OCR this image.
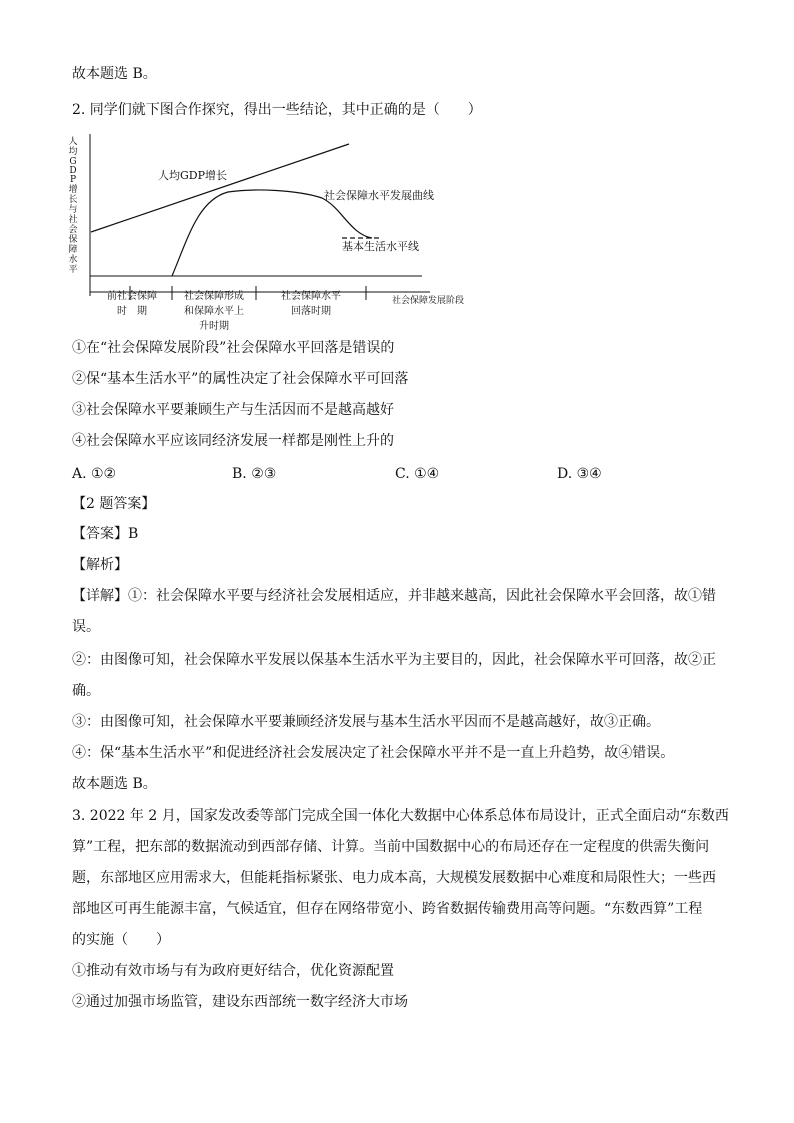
故本题选 B。
2. 同学们就下图合作探究，得出一些结论，其中正确的是（　　）
人
均
G
D
P
增
长
与
社
会
保
障
水
平
人均GDP增长
社会保障水平发展曲线
基本生活水平线
社会保障发展阶段
前社会保障
时　期
社会保障形成
和保障水平上
升时期
社会保障水平
回落时期
①在“社会保障发展阶段”社会保障水平回落是错误的
②保“基本生活水平”的属性决定了社会保障水平可回落
③社会保障水平要兼顾生产与生活因而不是越高越好
④社会保障水平应该同经济发展一样都是刚性上升的
A. ①②	B. ②③	C. ①④	D. ③④
【2 题答案】
【答案】B
【解析】
【详解】①：社会保障水平要与经济社会发展相适应，并非越来越高，因此社会保障水平会回落，故①错
误。
②：由图像可知，社会保障水平发展以保基本生活水平为主要目的，因此，社会保障水平可回落，故②正
确。
③：由图像可知，社会保障水平要兼顾经济发展与基本生活水平因而不是越高越好，故③正确。
④：保“基本生活水平”和促进经济社会发展决定了社会保障水平并不是一直上升趋势，故④错误。
故本题选 B。
3. 2022 年 2 月，国家发改委等部门完成全国一体化大数据中心体系总体布局设计，正式全面启动“东数西
算”工程，把东部的数据流动到西部存储、计算。当前中国数据中心的布局还存在一定程度的供需失衡问
题，东部地区应用需求大，但能耗指标紧张、电力成本高，大规模发展数据中心难度和局限性大；一些西
部地区可再生能源丰富，气候适宜，但存在网络带宽小、跨省数据传输费用高等问题。“东数西算”工程
的实施（　　）
①推动有效市场与有为政府更好结合，优化资源配置
②通过加强市场监管，建设东西部统一数字经济大市场
